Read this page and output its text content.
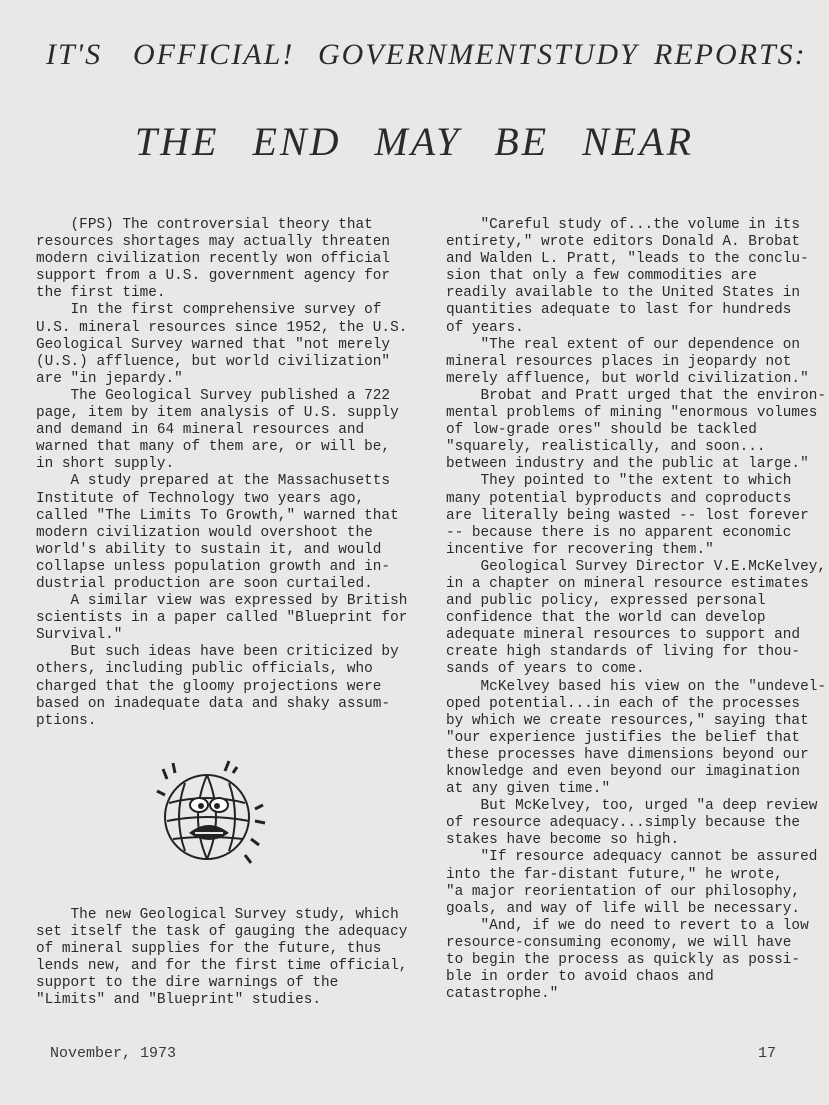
IT'S OFFICIAL! GOVERNMENT STUDY REPORTS:
THE END MAY BE NEAR
(FPS) The controversial theory that
resources shortages may actually threaten
modern civilization recently won official
support from a U.S. government agency for
the first time.
In the first comprehensive survey of
U.S. mineral resources since 1952, the U.S.
Geological Survey warned that "not merely
(U.S.) affluence, but world civilization"
are "in jepardy."
The Geological Survey published a 722
page, item by item analysis of U.S. supply
and demand in 64 mineral resources and
warned that many of them are, or will be,
in short supply.
A study prepared at the Massachusetts
Institute of Technology two years ago,
called "The Limits To Growth," warned that
modern civilization would overshoot the
world's ability to sustain it, and would
collapse unless population growth and in-
dustrial production are soon curtailed.
A similar view was expressed by British
scientists in a paper called "Blueprint for
Survival."
But such ideas have been criticized by
others, including public officials, who
charged that the gloomy projections were
based on inadequate data and shaky assum-
ptions.
The new Geological Survey study, which
set itself the task of gauging the adequacy
of mineral supplies for the future, thus
lends new, and for the first time official,
support to the dire warnings of the
"Limits" and "Blueprint" studies.
"Careful study of...the volume in its
entirety," wrote editors Donald A. Brobat
and Walden L. Pratt, "leads to the conclu-
sion that only a few commodities are
readily available to the United States in
quantities adequate to last for hundreds
of years.
"The real extent of our dependence on
mineral resources places in jeopardy not
merely affluence, but world civilization."
Brobat and Pratt urged that the environ-
mental problems of mining "enormous volumes
of low-grade ores" should be tackled
"squarely, realistically, and soon...
between industry and the public at large."
They pointed to "the extent to which
many potential byproducts and coproducts
are literally being wasted -- lost forever
-- because there is no apparent economic
incentive for recovering them."
Geological Survey Director V.E.McKelvey,
in a chapter on mineral resource estimates
and public policy, expressed personal
confidence that the world can develop
adequate mineral resources to support and
create high standards of living for thou-
sands of years to come.
McKelvey based his view on the "undevel-
oped potential...in each of the processes
by which we create resources," saying that
"our experience justifies the belief that
these processes have dimensions beyond our
knowledge and even beyond our imagination
at any given time."
But McKelvey, too, urged "a deep review
of resource adequacy...simply because the
stakes have become so high.
"If resource adequacy cannot be assured
into the far-distant future," he wrote,
"a major reorientation of our philosophy,
goals, and way of life will be necessary.
"And, if we do need to revert to a low
resource-consuming economy, we will have
to begin the process as quickly as possi-
ble in order to avoid chaos and
catastrophe."
November, 1973	17
